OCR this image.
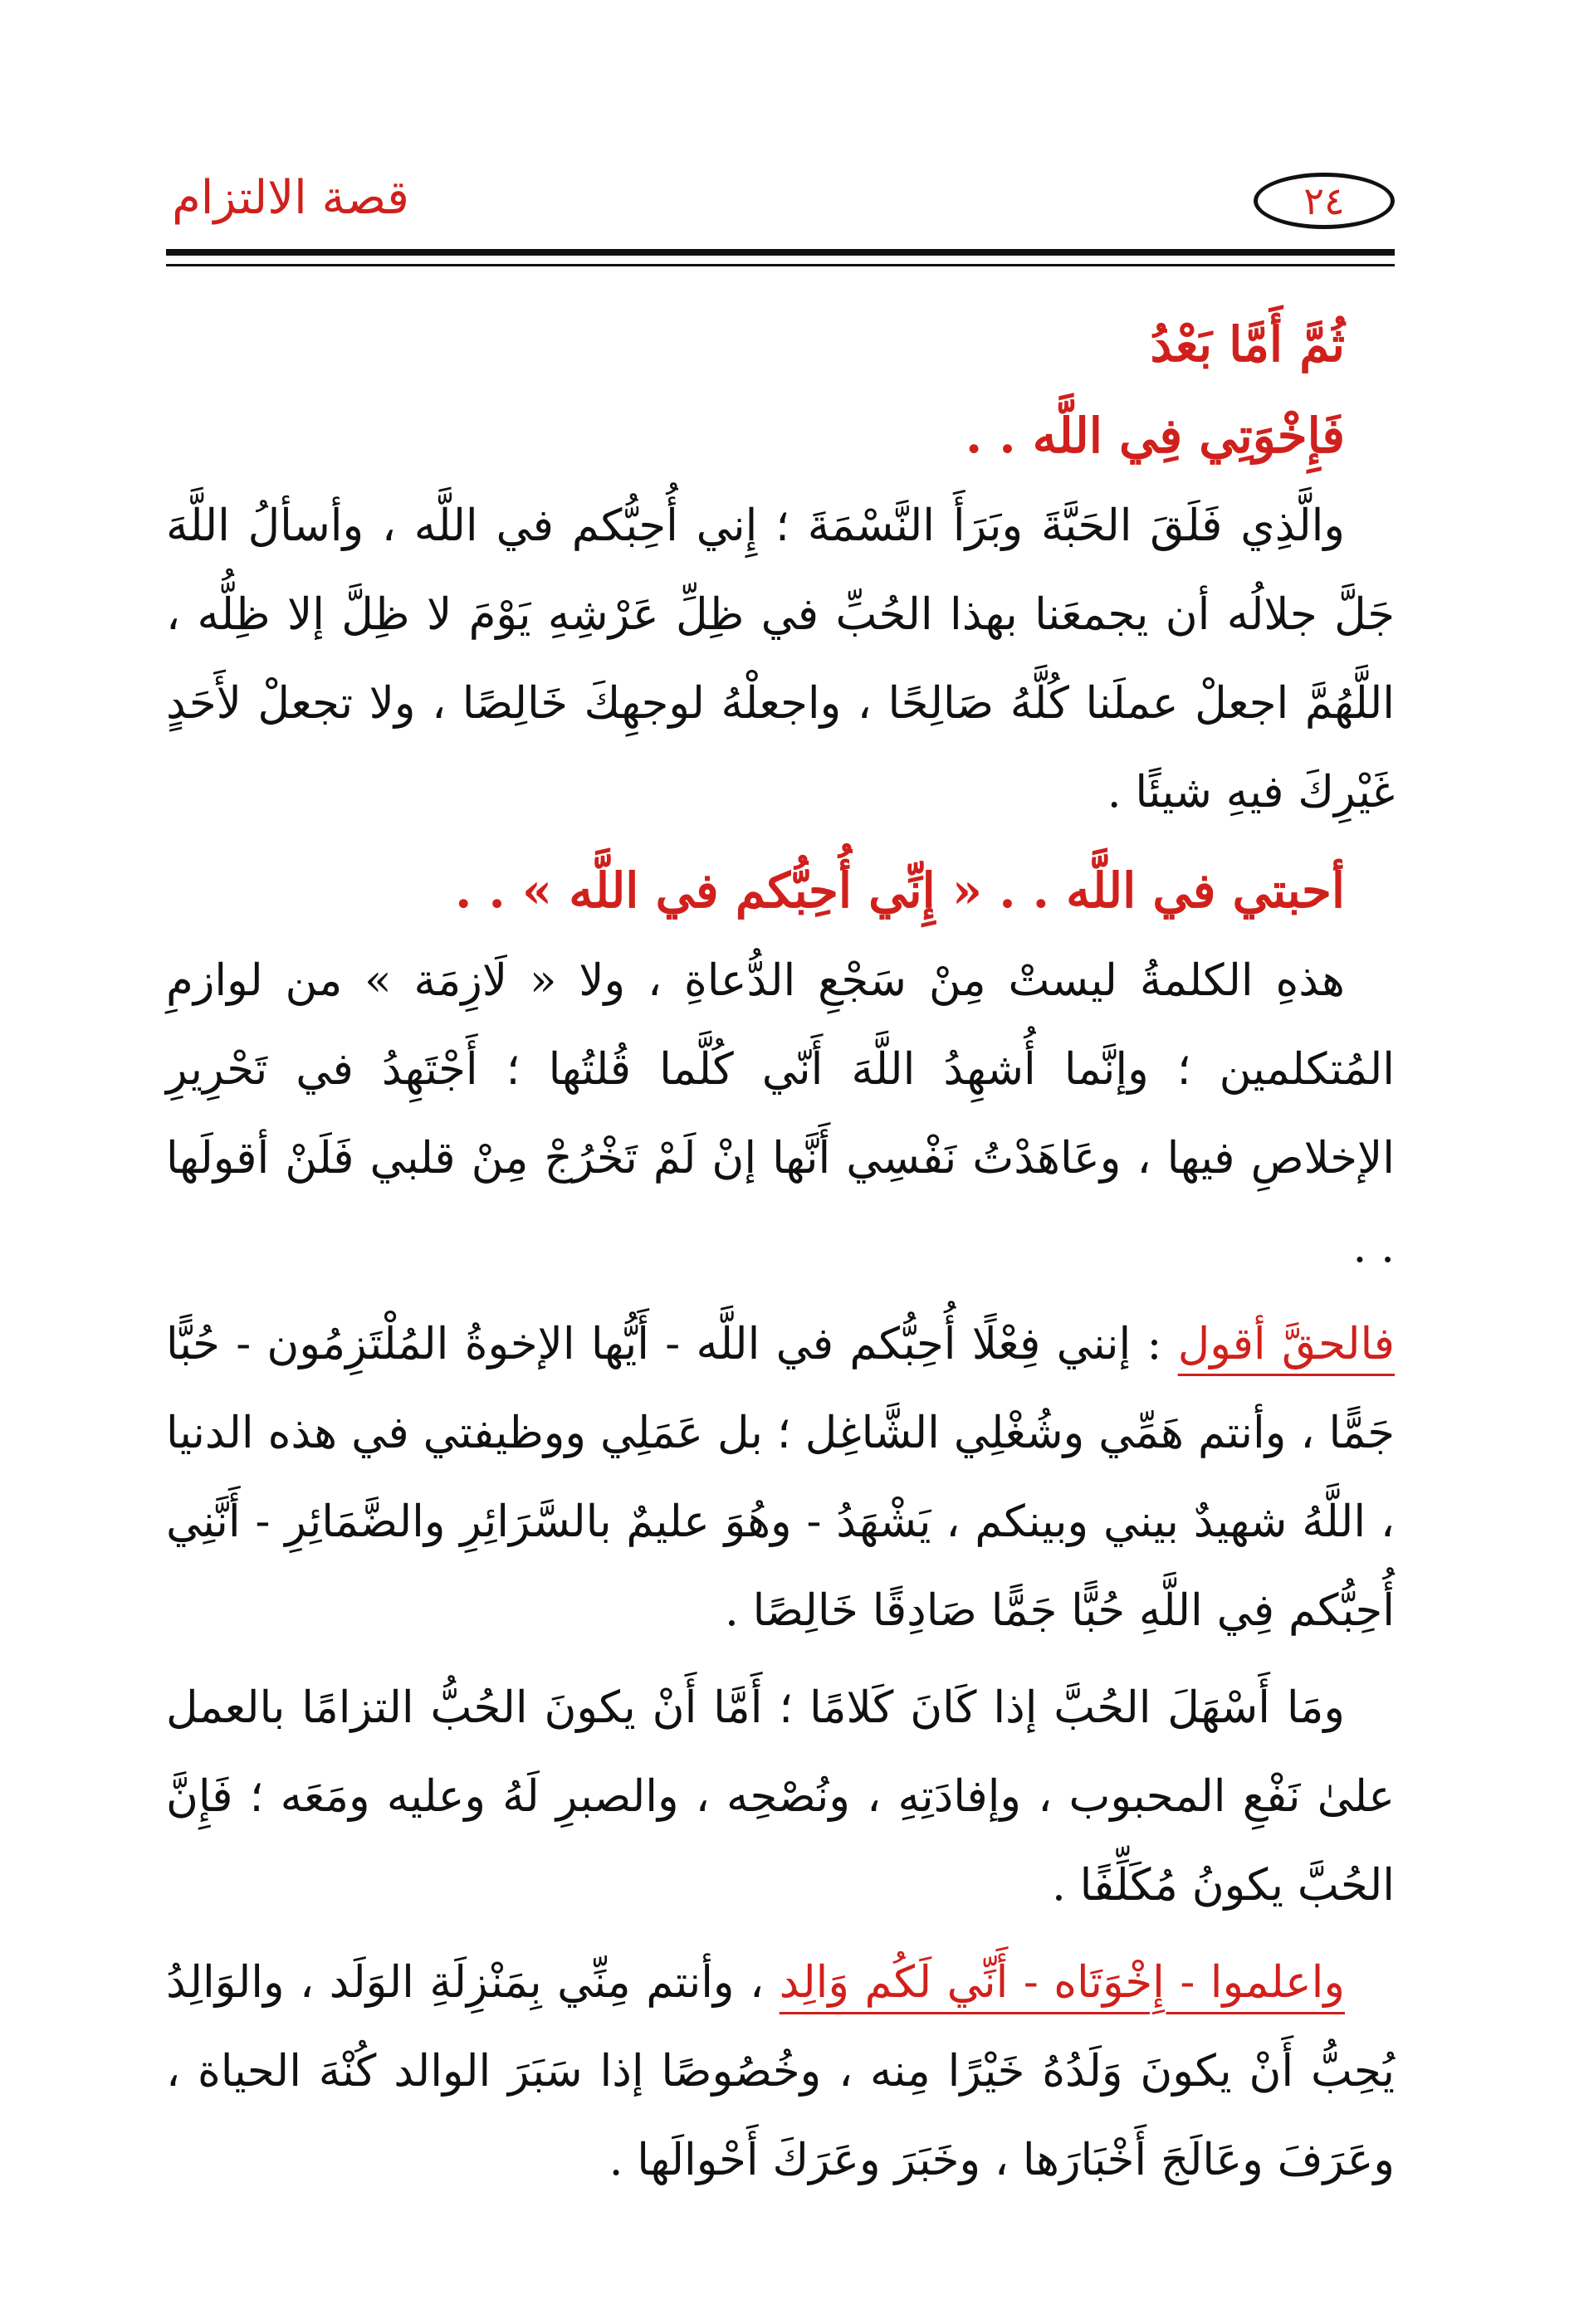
قصة الالتزام	٢٤

ثُمَّ أَمَّا بَعْدُ

فَإِخْوَتِي فِي اللَّه . .

والَّذِي فَلَقَ الحَبَّةَ وبَرَأَ النَّسْمَةَ ؛ إِني أُحِبُّكم في اللَّه ، وأسألُ اللَّهَ جَلَّ جلالُه أن يجمعَنا بهذا الحُبِّ في ظِلِّ عَرْشِهِ يَوْمَ لا ظِلَّ إلا ظِلُّه ، اللَّهُمَّ اجعلْ عملَنا كُلَّهُ صَالِحًا ، واجعلْهُ لوجهِكَ خَالِصًا ، ولا تجعلْ لأَحَدٍ غَيْرِكَ فيهِ شيئًا .

أحبتي في اللَّه . . « إِنِّي أُحِبُّكم في اللَّه » . .

هذهِ الكلمةُ ليستْ مِنْ سَجْعِ الدُّعاةِ ، ولا « لَازِمَة » من لوازمِ المُتكلمين ؛ وإنَّما أُشهِدُ اللَّهَ أَنّي كُلَّما قُلتُها ؛ أَجْتَهِدُ في تَحْرِيرِ الإخلاصِ فيها ، وعَاهَدْتُ نَفْسِي أَنَّها إنْ لَمْ تَخْرُجْ مِنْ قلبي فَلَنْ أقولَها . .

فالحقَّ أقول : إنني فِعْلًا أُحِبُّكم في اللَّه - أَيُّها الإخوةُ المُلْتَزِمُون - حُبًّا جَمًّا ، وأنتم هَمِّي وشُغْلِي الشَّاغِل ؛ بل عَمَلِي ووظيفتي في هذه الدنيا ، اللَّهُ شهيدٌ بيني وبينكم ، يَشْهَدُ - وهُوَ عليمٌ بالسَّرَائِرِ والضَّمَائِرِ - أَنَّنِي أُحِبُّكم فِي اللَّهِ حُبًّا جَمًّا صَادِقًا خَالِصًا .

ومَا أَسْهَلَ الحُبَّ إذا كَانَ كَلامًا ؛ أَمَّا أَنْ يكونَ الحُبُّ التزامًا بالعمل علىٰ نَفْعِ المحبوب ، وإفادَتِهِ ، ونُصْحِه ، والصبرِ لَهُ وعليه ومَعَه ؛ فَإِنَّ الحُبَّ يكونُ مُكَلِّفًا .

واعلموا - إِخْوَتَاه - أَنِّي لَكُم وَالِد ، وأنتم مِنِّي بِمَنْزِلَةِ الوَلَد ، والوَالِدُ يُحِبُّ أَنْ يكونَ وَلَدُهُ خَيْرًا مِنه ، وخُصُوصًا إذا سَبَرَ الوالد كُنْهَ الحياة ، وعَرَفَ وعَالَجَ أَخْبَارَها ، وخَبَرَ وعَرَكَ أَحْوالَها .
